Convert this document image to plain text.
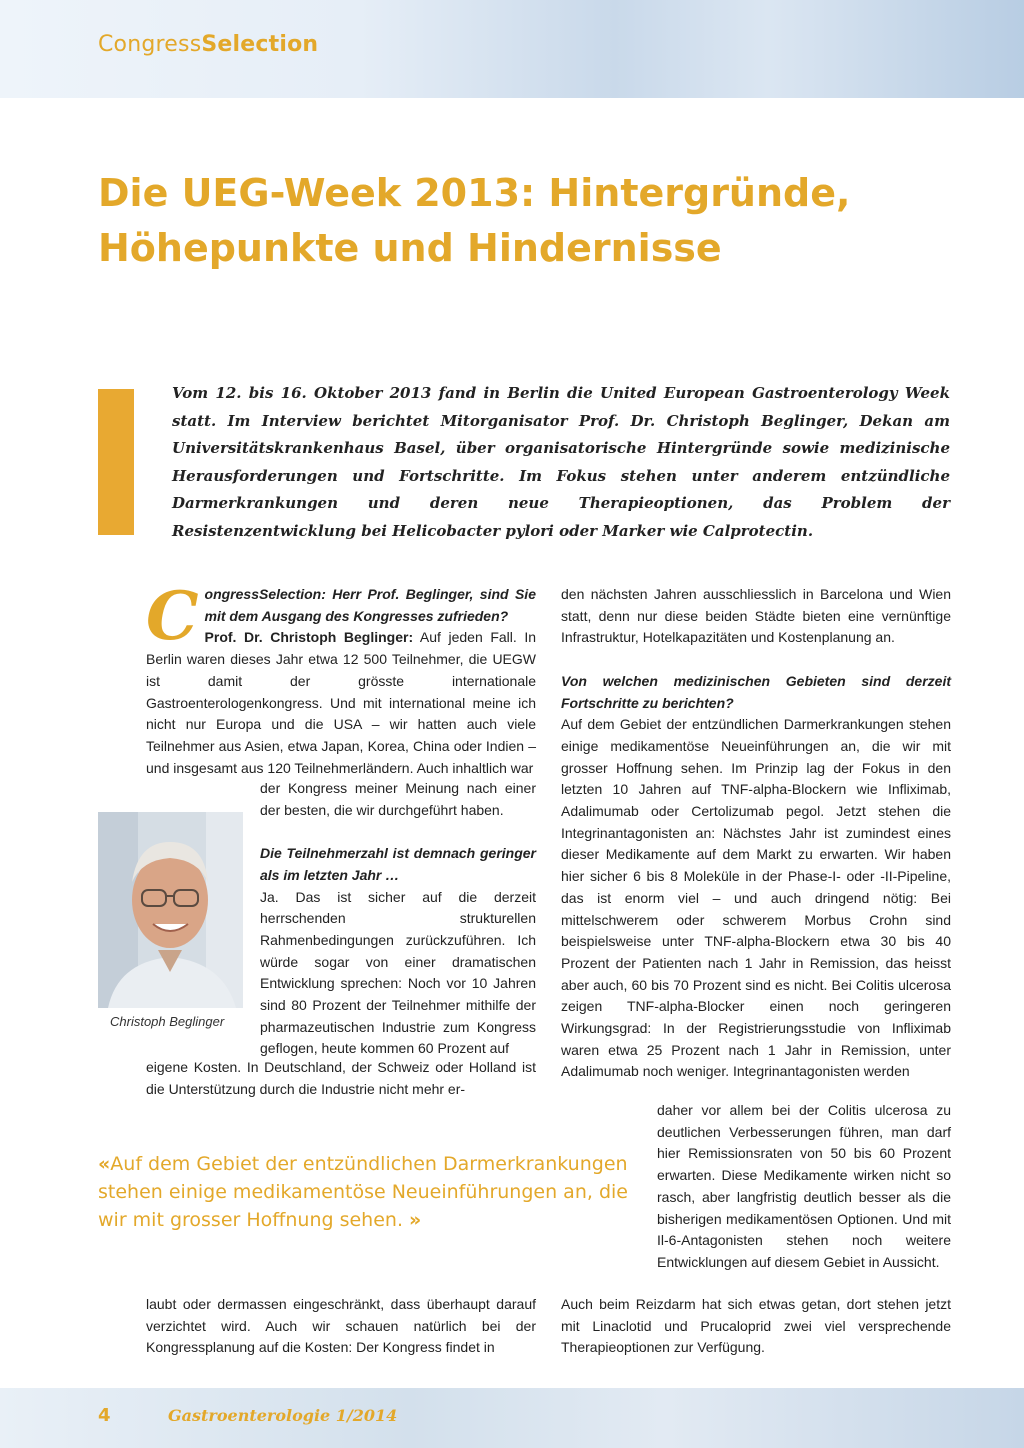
CongressSelection
Die UEG-Week 2013: Hintergründe, Höhepunkte und Hindernisse

Vom 12. bis 16. Oktober 2013 fand in Berlin die United European Gastroenterology Week statt. Im Interview berichtet Mitorganisator Prof. Dr. Christoph Beglinger, Dekan am Universitätskrankenhaus Basel, über organisatorische Hintergründe sowie medizinische Herausforderungen und Fortschritte. Im Fokus stehen unter anderem entzündliche Darmerkrankungen und deren neue Therapieoptionen, das Problem der Resistenzentwicklung bei Helicobacter pylori oder Marker wie Calprotectin.

C ongressSelection: Herr Prof. Beglinger, sind Sie mit dem Ausgang des Kongresses zufrieden?
Prof. Dr. Christoph Beglinger: Auf jeden Fall. In Berlin waren dieses Jahr etwa 12 500 Teilnehmer, die UEGW ist damit der grösste internationale Gastroenterologenkongress. Und mit international meine ich nicht nur Europa und die USA – wir hatten auch viele Teilnehmer aus Asien, etwa Japan, Korea, China oder Indien – und insgesamt aus 120 Teilnehmerländern. Auch inhaltlich war

der Kongress meiner Meinung nach einer der besten, die wir durchgeführt haben.

Die Teilnehmerzahl ist demnach geringer als im letzten Jahr …

Ja. Das ist sicher auf die derzeit herrschenden strukturellen Rahmenbedingungen zurückzuführen. Ich würde sogar von einer dramatischen Entwicklung sprechen: Noch vor 10 Jahren sind 80 Prozent der Teilnehmer mithilfe der pharmazeutischen Industrie zum Kongress geflogen, heute kommen 60 Prozent auf

Christoph Beglinger

eigene Kosten. In Deutschland, der Schweiz oder Holland ist die Unterstützung durch die Industrie nicht mehr er-

«Auf dem Gebiet der entzündlichen Darmerkrankungen stehen einige medikamentöse Neueinführungen an, die wir mit grosser Hoffnung sehen. »

laubt oder dermassen eingeschränkt, dass überhaupt darauf verzichtet wird. Auch wir schauen natürlich bei der Kongressplanung auf die Kosten: Der Kongress findet in

den nächsten Jahren ausschliesslich in Barcelona und Wien statt, denn nur diese beiden Städte bieten eine vernünftige Infrastruktur, Hotelkapazitäten und Kostenplanung an.

Von welchen medizinischen Gebieten sind derzeit Fortschritte zu berichten?

Auf dem Gebiet der entzündlichen Darmerkrankungen stehen einige medikamentöse Neueinführungen an, die wir mit grosser Hoffnung sehen. Im Prinzip lag der Fokus in den letzten 10 Jahren auf TNF-alpha-Blockern wie Infliximab, Adalimumab oder Certolizumab pegol. Jetzt stehen die Integrinantagonisten an: Nächstes Jahr ist zumindest eines dieser Medikamente auf dem Markt zu erwarten. Wir haben hier sicher 6 bis 8 Moleküle in der Phase-I- oder -II-Pipeline, das ist enorm viel – und auch dringend nötig: Bei mittelschwerem oder schwerem Morbus Crohn sind beispielsweise unter TNF-alpha-Blockern etwa 30 bis 40 Prozent der Patienten nach 1 Jahr in Remission, das heisst aber auch, 60 bis 70 Prozent sind es nicht. Bei Colitis ulcerosa zeigen TNF-alpha-Blocker einen noch geringeren Wirkungsgrad: In der Registrierungsstudie von Infliximab waren etwa 25 Prozent nach 1 Jahr in Remission, unter Adalimumab noch weniger. Integrinantagonisten werden

daher vor allem bei der Colitis ulcerosa zu deutlichen Verbesserungen führen, man darf hier Remissionsraten von 50 bis 60 Prozent erwarten. Diese Medikamente wirken nicht so rasch, aber langfristig deutlich besser als die bisherigen medikamentösen Optionen. Und mit Il-6-Antagonisten stehen noch weitere Entwicklungen auf diesem Gebiet in Aussicht.

Auch beim Reizdarm hat sich etwas getan, dort stehen jetzt mit Linaclotid und Prucaloprid zwei viel versprechende Therapieoptionen zur Verfügung.

4	Gastroenterologie 1/2014
